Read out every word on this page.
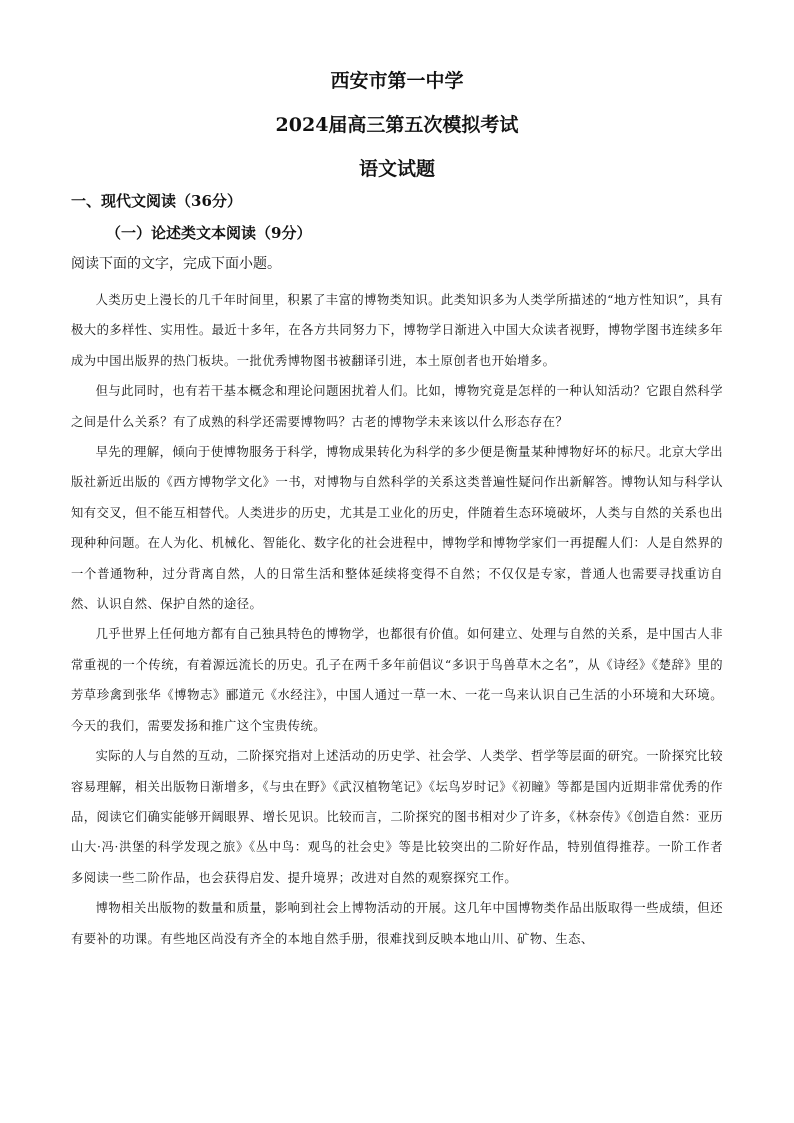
西安市第一中学
2024届高三第五次模拟考试
语文试题
一、现代文阅读（36分）
（一）论述类文本阅读（9分）
阅读下面的文字，完成下面小题。

人类历史上漫长的几千年时间里，积累了丰富的博物类知识。此类知识多为人类学所描述的“地方性知识”，具有极大的多样性、实用性。最近十多年，在各方共同努力下，博物学日渐进入中国大众读者视野，博物学图书连续多年成为中国出版界的热门板块。一批优秀博物图书被翻译引进，本土原创者也开始增多。

但与此同时，也有若干基本概念和理论问题困扰着人们。比如，博物究竟是怎样的一种认知活动？它跟自然科学之间是什么关系？有了成熟的科学还需要博物吗？古老的博物学未来该以什么形态存在？

早先的理解，倾向于使博物服务于科学，博物成果转化为科学的多少便是衡量某种博物好坏的标尺。北京大学出版社新近出版的《西方博物学文化》一书，对博物与自然科学的关系这类普遍性疑问作出新解答。博物认知与科学认知有交叉，但不能互相替代。人类进步的历史，尤其是工业化的历史，伴随着生态环境破坏，人类与自然的关系也出现种种问题。在人为化、机械化、智能化、数字化的社会进程中，博物学和博物学家们一再提醒人们：人是自然界的一个普通物种，过分背离自然，人的日常生活和整体延续将变得不自然；不仅仅是专家，普通人也需要寻找重访自然、认识自然、保护自然的途径。

几乎世界上任何地方都有自己独具特色的博物学，也都很有价值。如何建立、处理与自然的关系，是中国古人非常重视的一个传统，有着源远流长的历史。孔子在两千多年前倡议“多识于鸟兽草木之名”，从《诗经》《楚辞》里的芳草珍禽到张华《博物志》郦道元《水经注》，中国人通过一草一木、一花一鸟来认识自己生活的小环境和大环境。今天的我们，需要发扬和推广这个宝贵传统。

实际的人与自然的互动，二阶探究指对上述活动的历史学、社会学、人类学、哲学等层面的研究。一阶探究比较容易理解，相关出版物日渐增多，《与虫在野》《武汉植物笔记》《坛鸟岁时记》《初瞳》等都是国内近期非常优秀的作品，阅读它们确实能够开阔眼界、增长见识。比较而言，二阶探究的图书相对少了许多，《林奈传》《创造自然：亚历山大·冯·洪堡的科学发现之旅》《丛中鸟：观鸟的社会史》等是比较突出的二阶好作品，特别值得推荐。一阶工作者多阅读一些二阶作品，也会获得启发、提升境界；改进对自然的观察探究工作。

博物相关出版物的数量和质量，影响到社会上博物活动的开展。这几年中国博物类作品出版取得一些成绩，但还有要补的功课。有些地区尚没有齐全的本地自然手册，很难找到反映本地山川、矿物、生态、
